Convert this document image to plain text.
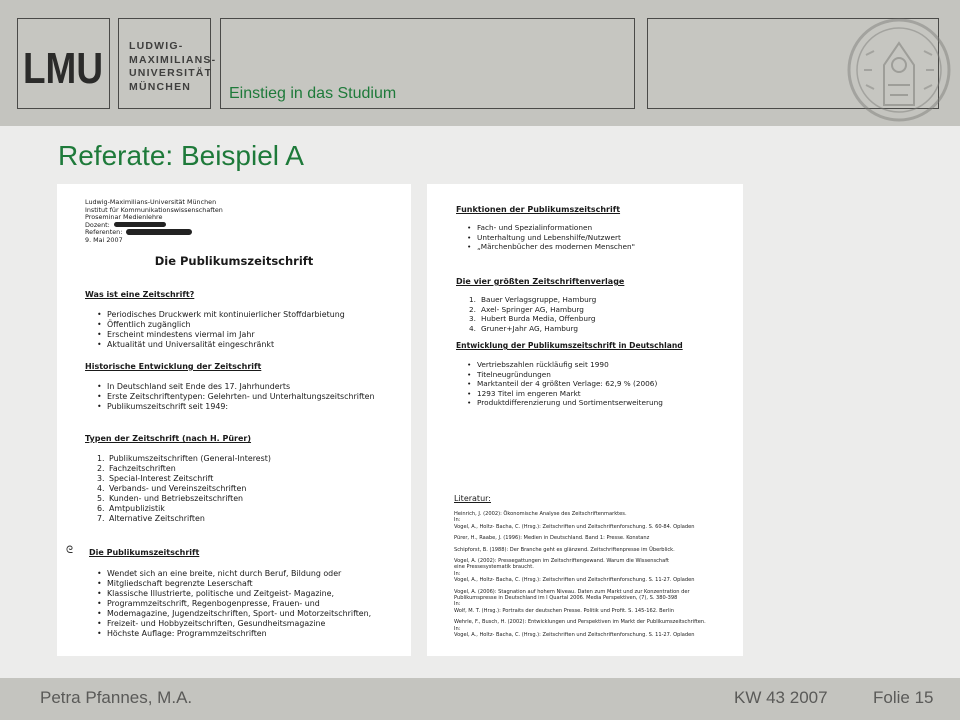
LMU LUDWIG-
MAXIMILIANS-
UNIVERSITÄT
MÜNCHEN	Einstieg in das Studium
Referate: Beispiel A
Ludwig-Maximilians-Universität München
Institut für Kommunikationswissenschaften
Proseminar Medienlehre
Dozent:
Referenten:
9. Mai 2007
Die Publikumszeitschrift
Was ist eine Zeitschrift?
• Periodisches Druckwerk mit kontinuierlicher Stoffdarbietung
• Öffentlich zugänglich
• Erscheint mindestens viermal im Jahr
• Aktualität und Universalität eingeschränkt
Historische Entwicklung der Zeitschrift
• In Deutschland seit Ende des 17. Jahrhunderts
• Erste Zeitschriftentypen: Gelehrten- und Unterhaltungszeitschriften
• Publikumszeitschrift seit 1949:
Typen der Zeitschrift (nach H. Pürer)
1. Publikumszeitschriften (General-Interest)
2. Fachzeitschriften
3. Special-Interest Zeitschrift
4. Verbands- und Vereinszeitschriften
5. Kunden- und Betriebszeitschriften
6. Amtpublizistik
7. Alternative Zeitschriften
ᘓ Die Publikumszeitschrift
• Wendet sich an eine breite, nicht durch Beruf, Bildung oder
• Mitgliedschaft begrenzte Leserschaft
• Klassische Illustrierte, politische und Zeitgeist- Magazine,
• Programmzeitschrift, Regenbogenpresse, Frauen- und
• Modemagazine, Jugendzeitschriften, Sport- und Motorzeitschriften,
• Freizeit- und Hobbyzeitschriften, Gesundheitsmagazine
• Höchste Auflage: Programmzeitschriften
Funktionen der Publikumszeitschrift
• Fach- und Spezialinformationen
• Unterhaltung und Lebenshilfe/Nutzwert
• „Märchenbücher des modernen Menschen"
Die vier größten Zeitschriftenverlage
1. Bauer Verlagsgruppe, Hamburg
2. Axel- Springer AG, Hamburg
3. Hubert Burda Media, Offenburg
4. Gruner+Jahr AG, Hamburg
Entwicklung der Publikumszeitschrift in Deutschland
• Vertriebszahlen rückläufig seit 1990
• Titelneugründungen
• Marktanteil der 4 größten Verlage: 62,9 % (2006)
• 1293 Titel im engeren Markt
• Produktdifferenzierung und Sortimentserweiterung
Literatur:
Heinrich, J. (2002): Ökonomische Analyse des Zeitschriftenmarktes.
In:
Vogel, A., Holtz- Bacha, C. (Hrsg.): Zeitschriften und Zeitschriftenforschung. S. 60-84. Opladen
Pürer, H., Raabe, J. (1996): Medien in Deutschland. Band 1: Presse. Konstanz
Schipforst, B. (1988): Der Branche geht es glänzend. Zeitschriftenpresse im Überblick.
Vogel, A. (2002): Pressegattungen im Zeitschriftengewand. Warum die Wissenschaft
eine Pressesystematik braucht.
In:
Vogel, A., Holtz- Bacha, C. (Hrsg.): Zeitschriften und Zeitschriftenforschung. S. 11-27. Opladen
Vogel, A. (2006): Stagnation auf hohem Niveau. Daten zum Markt und zur Konzentration der
Publikumspresse in Deutschland im I Quartal 2006. Media Perspektiven, (7), S. 380-398
In:
Wolf, M. T. (Hrsg.): Portraits der deutschen Presse. Politik und Profit. S. 145-162. Berlin
Wehrle, F., Busch, H. (2002): Entwicklungen und Perspektiven im Markt der Publikumszeitschriften.
In:
Vogel, A., Holtz- Bacha, C. (Hrsg.): Zeitschriften und Zeitschriftenforschung. S. 11-27. Opladen
Petra Pfannes, M.A.	KW 43 2007	Folie 15
